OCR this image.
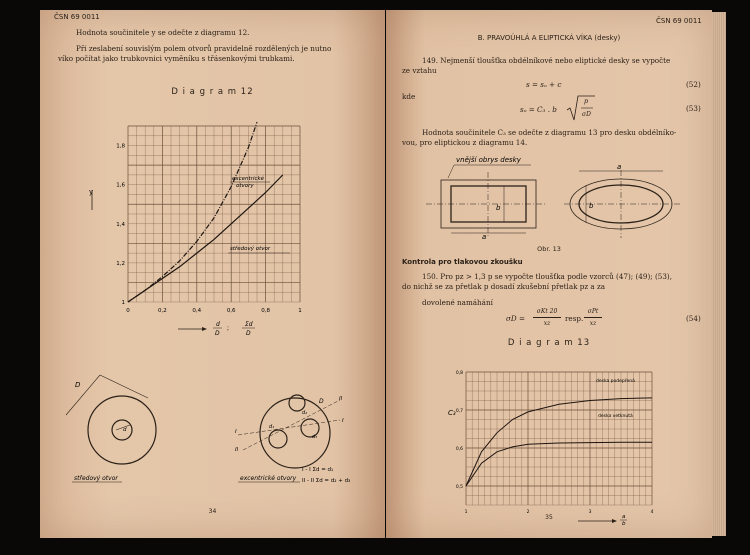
ČSN 69 0011
Hodnota součinitele y se odečte z diagramu 12.
Při zeslabení souvislým polem otvorů pravidelně rozdělených je nutno
víko počítat jako trubkovnici vyměníku s třásenkovými trubkami.
D i a g r a m 12
y
0	0,2	0,4	0,6	0,8	1
1
1,2
1,4
1,6
1,8
excentrické
otvory
středový otvor
d
D
;
Σd
D
D
d
středový otvor
I
I
II
II
D
d₁
d₂
d₃
excentrické otvory
I - I Σd = d₁
II - II Σd = d₂ + d₃
34
ČSN 69 0011
B. PRAVOÚHLÁ A ELIPTICKÁ VÍKA (desky)
149. Nejmenší tloušťka obdélníkové nebo eliptické desky se vypočte
ze vztahu
s = sₒ + c	(52)
kde
sₒ = C₃ . b
p
σD
(53)
Hodnota součinitele C₃ se odečte z diagramu 13 pro desku obdélníko-
vou, pro eliptickou z diagramu 14.
vnější obrys desky
a
b
a
b
Obr. 13
Kontrola pro tlakovou zkoušku
150. Pro pz > 1,3 p se vypočte tloušťka podle vzorců (47); (49); (53),
do nichž se za přetlak p dosadí zkušební přetlak pz a za
dovolené namáhání
σD =
σKt 20
xz
resp.
σPt
xz
(54)
D i a g r a m 13
C₃
1	2	3	4
0,5
0,6
0,7
0,8
deska podepřená
deska vetknutá
a
b
35
